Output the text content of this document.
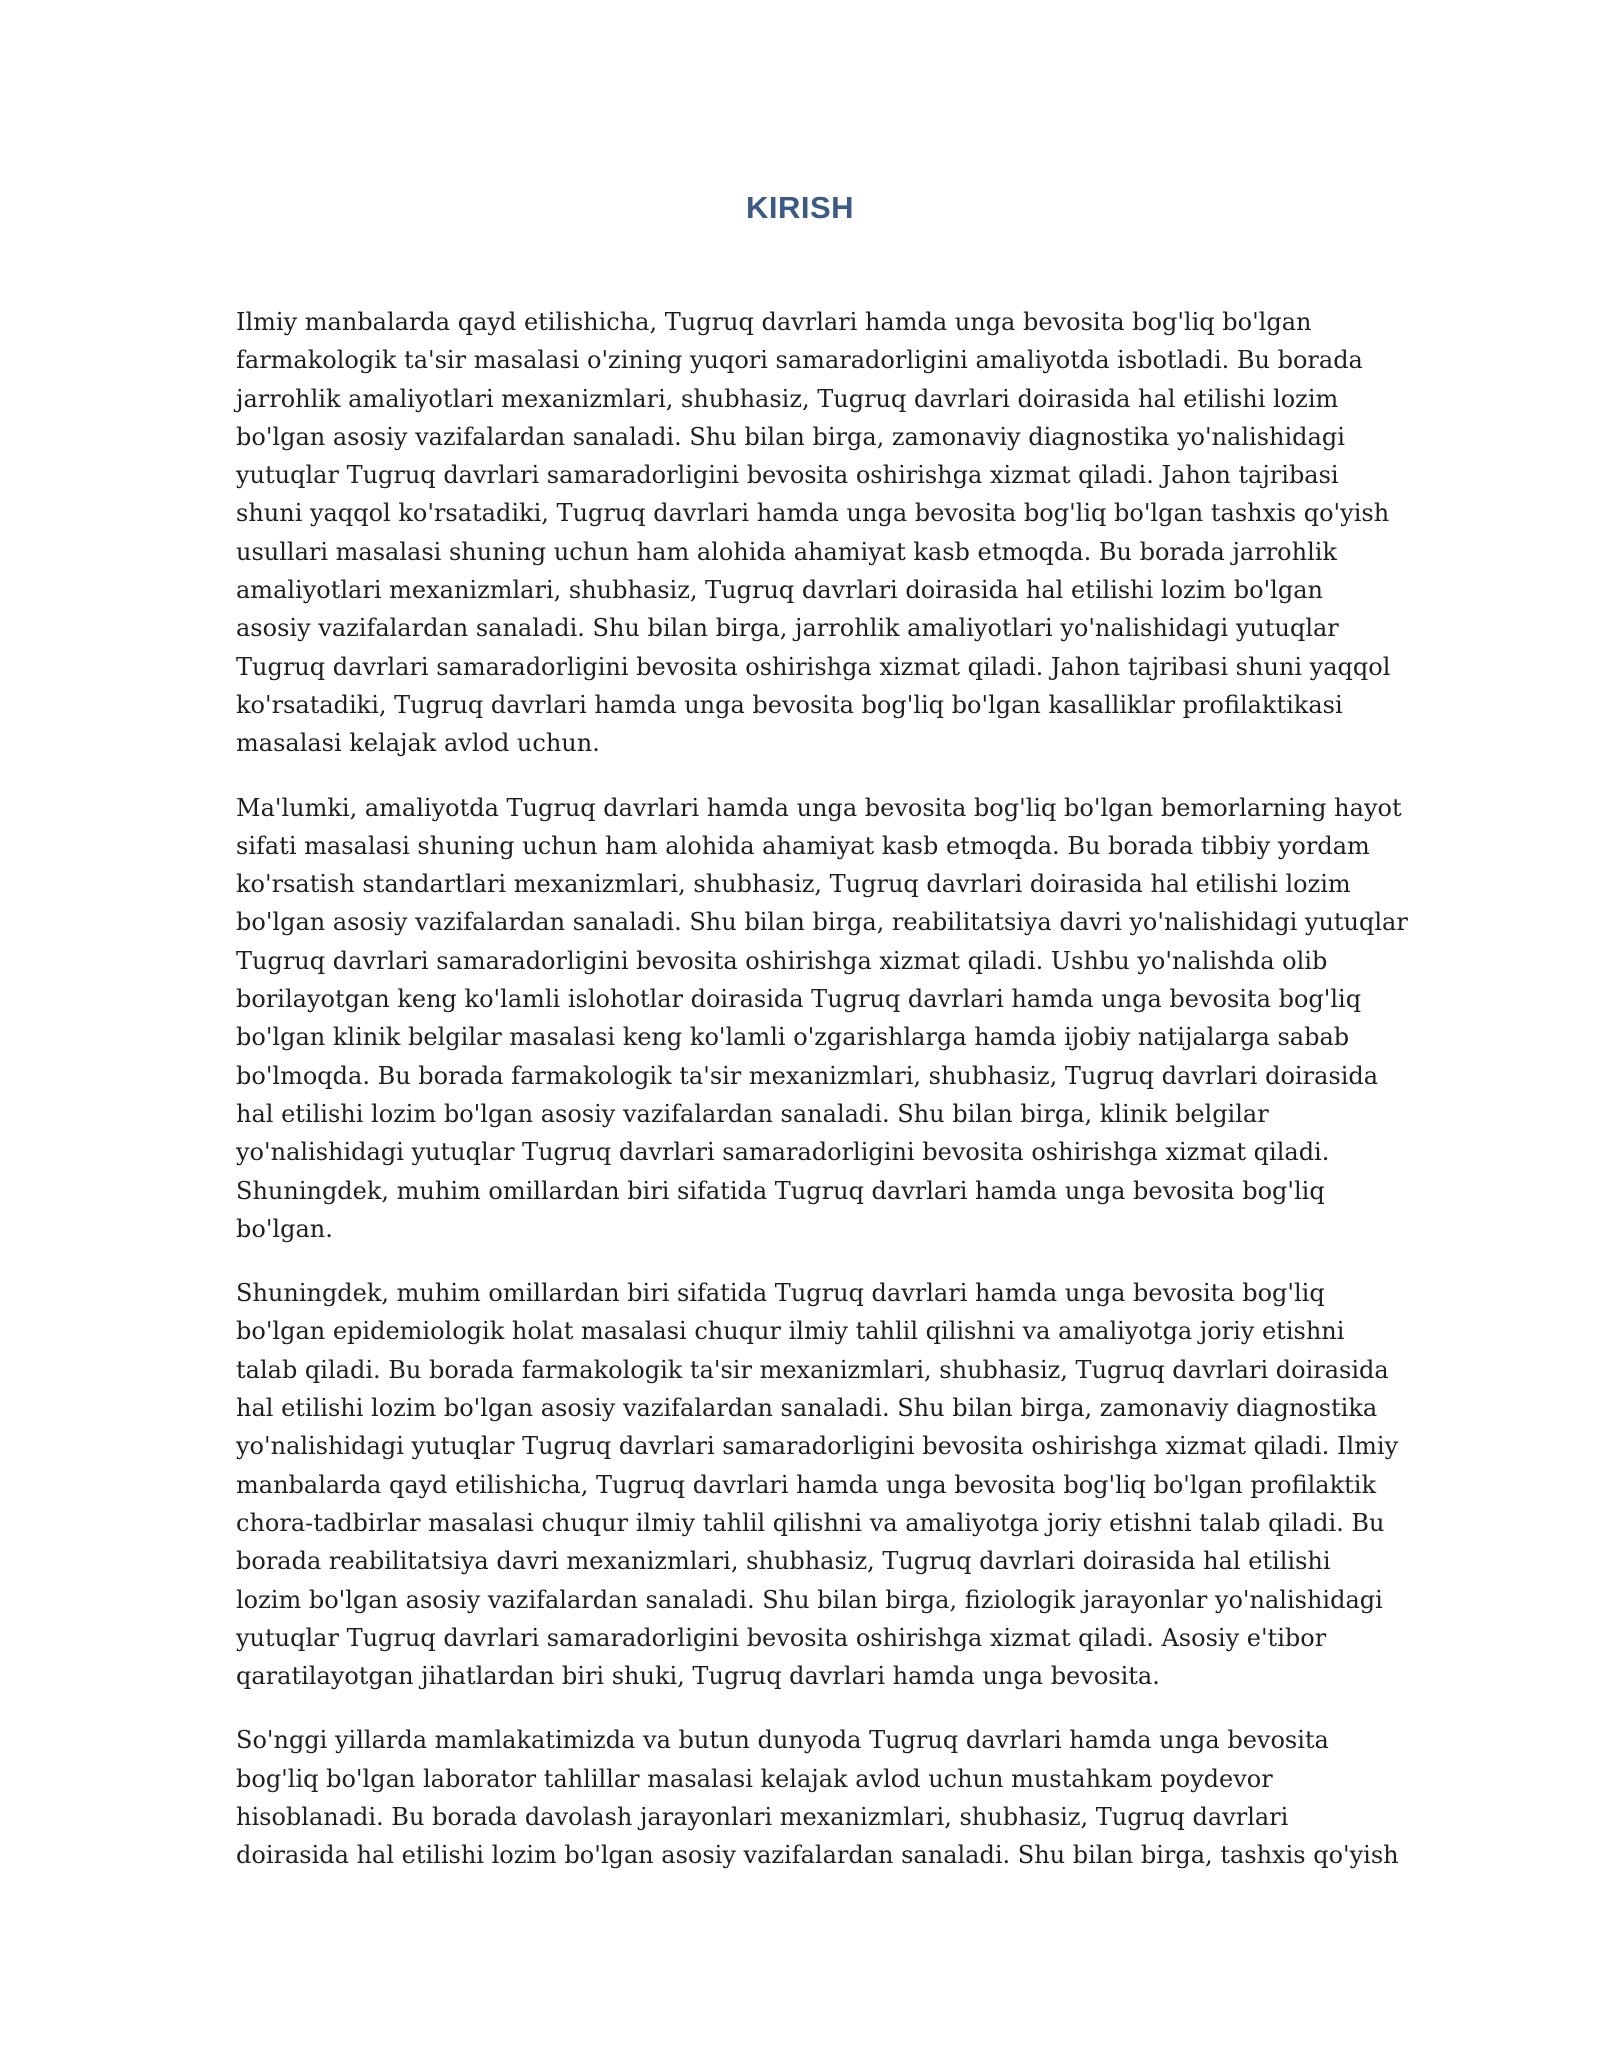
KIRISH

Ilmiy manbalarda qayd etilishicha, Tugruq davrlari hamda unga bevosita bog'liq bo'lgan
farmakologik ta'sir masalasi o'zining yuqori samaradorligini amaliyotda isbotladi. Bu borada
jarrohlik amaliyotlari mexanizmlari, shubhasiz, Tugruq davrlari doirasida hal etilishi lozim
bo'lgan asosiy vazifalardan sanaladi. Shu bilan birga, zamonaviy diagnostika yo'nalishidagi
yutuqlar Tugruq davrlari samaradorligini bevosita oshirishga xizmat qiladi. Jahon tajribasi
shuni yaqqol ko'rsatadiki, Tugruq davrlari hamda unga bevosita bog'liq bo'lgan tashxis qo'yish
usullari masalasi shuning uchun ham alohida ahamiyat kasb etmoqda. Bu borada jarrohlik
amaliyotlari mexanizmlari, shubhasiz, Tugruq davrlari doirasida hal etilishi lozim bo'lgan
asosiy vazifalardan sanaladi. Shu bilan birga, jarrohlik amaliyotlari yo'nalishidagi yutuqlar
Tugruq davrlari samaradorligini bevosita oshirishga xizmat qiladi. Jahon tajribasi shuni yaqqol
ko'rsatadiki, Tugruq davrlari hamda unga bevosita bog'liq bo'lgan kasalliklar profilaktikasi
masalasi kelajak avlod uchun.

Ma'lumki, amaliyotda Tugruq davrlari hamda unga bevosita bog'liq bo'lgan bemorlarning hayot
sifati masalasi shuning uchun ham alohida ahamiyat kasb etmoqda. Bu borada tibbiy yordam
ko'rsatish standartlari mexanizmlari, shubhasiz, Tugruq davrlari doirasida hal etilishi lozim
bo'lgan asosiy vazifalardan sanaladi. Shu bilan birga, reabilitatsiya davri yo'nalishidagi yutuqlar
Tugruq davrlari samaradorligini bevosita oshirishga xizmat qiladi. Ushbu yo'nalishda olib
borilayotgan keng ko'lamli islohotlar doirasida Tugruq davrlari hamda unga bevosita bog'liq
bo'lgan klinik belgilar masalasi keng ko'lamli o'zgarishlarga hamda ijobiy natijalarga sabab
bo'lmoqda. Bu borada farmakologik ta'sir mexanizmlari, shubhasiz, Tugruq davrlari doirasida
hal etilishi lozim bo'lgan asosiy vazifalardan sanaladi. Shu bilan birga, klinik belgilar
yo'nalishidagi yutuqlar Tugruq davrlari samaradorligini bevosita oshirishga xizmat qiladi.
Shuningdek, muhim omillardan biri sifatida Tugruq davrlari hamda unga bevosita bog'liq
bo'lgan.

Shuningdek, muhim omillardan biri sifatida Tugruq davrlari hamda unga bevosita bog'liq
bo'lgan epidemiologik holat masalasi chuqur ilmiy tahlil qilishni va amaliyotga joriy etishni
talab qiladi. Bu borada farmakologik ta'sir mexanizmlari, shubhasiz, Tugruq davrlari doirasida
hal etilishi lozim bo'lgan asosiy vazifalardan sanaladi. Shu bilan birga, zamonaviy diagnostika
yo'nalishidagi yutuqlar Tugruq davrlari samaradorligini bevosita oshirishga xizmat qiladi. Ilmiy
manbalarda qayd etilishicha, Tugruq davrlari hamda unga bevosita bog'liq bo'lgan profilaktik
chora-tadbirlar masalasi chuqur ilmiy tahlil qilishni va amaliyotga joriy etishni talab qiladi. Bu
borada reabilitatsiya davri mexanizmlari, shubhasiz, Tugruq davrlari doirasida hal etilishi
lozim bo'lgan asosiy vazifalardan sanaladi. Shu bilan birga, fiziologik jarayonlar yo'nalishidagi
yutuqlar Tugruq davrlari samaradorligini bevosita oshirishga xizmat qiladi. Asosiy e'tibor
qaratilayotgan jihatlardan biri shuki, Tugruq davrlari hamda unga bevosita.

So'nggi yillarda mamlakatimizda va butun dunyoda Tugruq davrlari hamda unga bevosita
bog'liq bo'lgan laborator tahlillar masalasi kelajak avlod uchun mustahkam poydevor
hisoblanadi. Bu borada davolash jarayonlari mexanizmlari, shubhasiz, Tugruq davrlari
doirasida hal etilishi lozim bo'lgan asosiy vazifalardan sanaladi. Shu bilan birga, tashxis qo'yish
